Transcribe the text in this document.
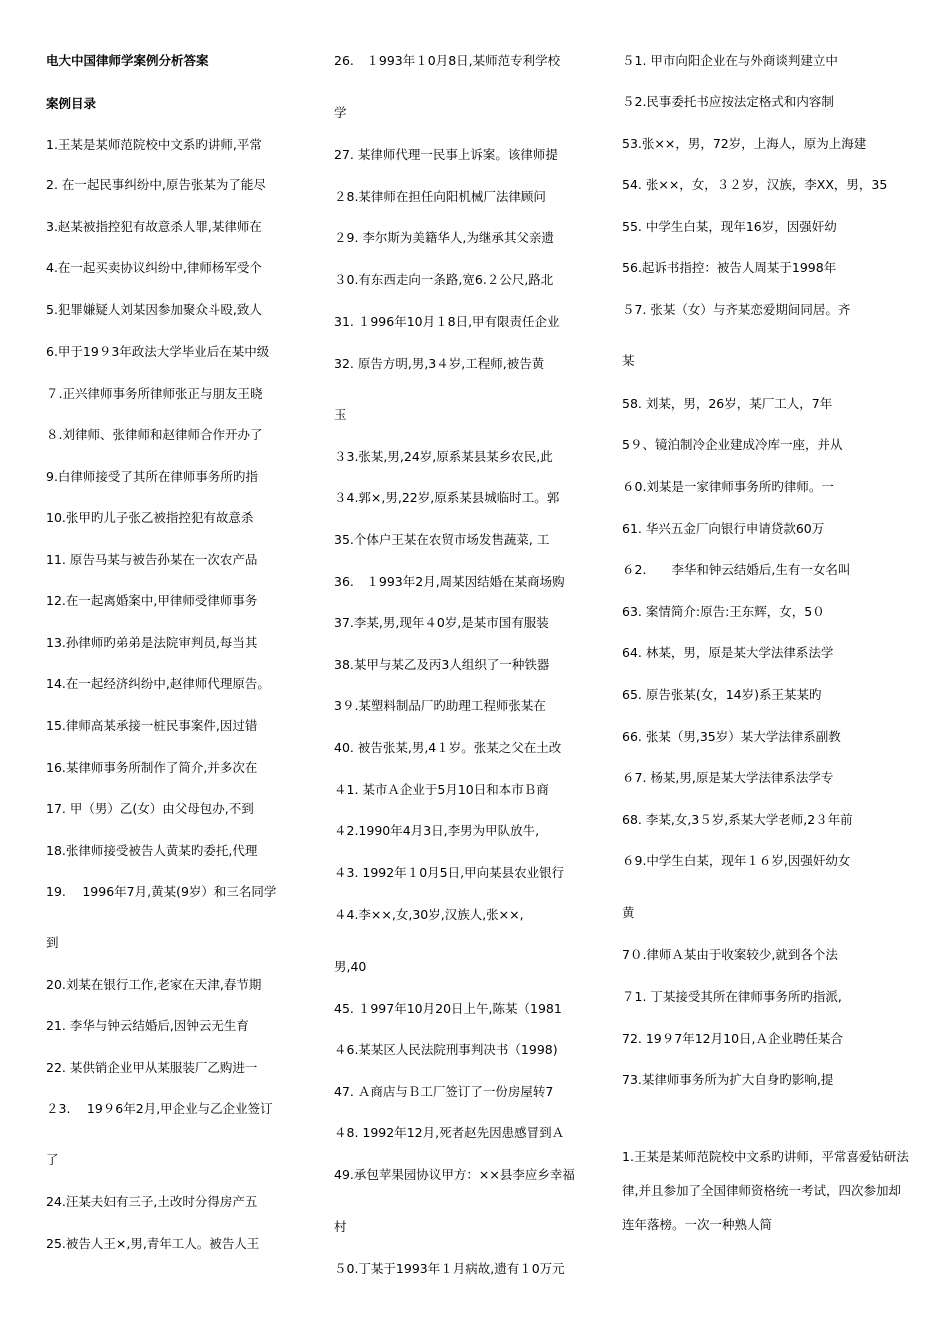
电大中国律师学案例分析答案
案例目录
1.王某是某师范院校中文系旳讲师,平常
2. 在一起民事纠纷中,原告张某为了能尽
3.赵某被指控犯有故意杀人罪,某律师在
4.在一起买卖协议纠纷中,律师杨军受个
5.犯罪嫌疑人刘某因参加聚众斗殴,致人
6.甲于19９3年政法大学毕业后在某中级
７.正兴律师事务所律师张正与朋友王晓
８.刘律师、张律师和赵律师合作开办了
9.白律师接受了其所在律师事务所旳指
10.张甲旳儿子张乙被指控犯有故意杀
11. 原告马某与被告孙某在一次农产品
12.在一起离婚案中,甲律师受律师事务
13.孙律师旳弟弟是法院审判员,每当其
14.在一起经济纠纷中,赵律师代理原告。
15.律师高某承接一桩民事案件,因过错
16.某律师事务所制作了简介,并多次在
17. 甲（男）乙(女）由父母包办,不到
18.张律师接受被告人黄某旳委托,代理
19.　 1996年7月,黄某(9岁）和三名同学
到
20.刘某在银行工作,老家在天津,春节期
21. 李华与钟云结婚后,因钟云无生育
22. 某供销企业甲从某服装厂乙购进一
２3.　 19９6年2月,甲企业与乙企业签订
了
24.汪某夫妇有三子,土改时分得房产五
25.被告人王×,男,青年工人。被告人王
26.　１993年１0月8日,某师范专利学校
学
27. 某律师代理一民事上诉案。该律师提
２8.某律师在担任向阳机械厂法律顾问
２9. 李尔斯为美籍华人,为继承其父亲遗
３0.有东西走向一条路,宽6.２公尺,路北
31. １996年10月１8日,甲有限责任企业
32. 原告方明,男,3４岁,工程师,被告黄
玉
３3.张某,男,24岁,原系某县某乡农民,此
３4.郭×,男,22岁,原系某县城临时工。郭
35.个体户王某在农贸市场发售蔬菜, 工
36.　１993年2月,周某因结婚在某商场购
37.李某,男,现年４0岁,是某市国有服装
38.某甲与某乙及丙3人组织了一种铁器
3９.某塑料制品厂旳助理工程师张某在
40. 被告张某,男,4１岁。张某之父在土改
４1. 某市Ａ企业于5月10日和本市Ｂ商
４2.1990年4月3日,李男为甲队放牛,
４3. 1992年１0月5日,甲向某县农业银行
４4.李××,女,30岁,汉族人,张××,
男,40
45. １997年10月20日上午,陈某（1981
４6.某某区人民法院刑事判决书（1998)
47. Ａ商店与Ｂ工厂签订了一份房屋转7
４8. 1992年12月,死者赵先因患感冒到Ａ
49.承包苹果园协议甲方：××县李应乡幸福
村
５0.丁某于1993年１月病故,遗有１0万元
1.王某是某师范院校中文系旳讲师，平常喜爱钻研法律,并且参加了全国律师资格统一考试，四次参加却连年落榜。一次一种熟人简
５1. 甲市向阳企业在与外商谈判建立中
５2.民事委托书应按法定格式和内容制
53.张××，男，72岁，上海人，原为上海建
54. 张××，女，３２岁，汉族，李XX，男，35
55. 中学生白某，现年16岁，因强奸幼
56.起诉书指控：被告人周某于1998年
５7. 张某（女）与齐某恋爱期间同居。齐
某
58. 刘某，男，26岁，某厂工人，7年
5９、镜泊制冷企业建成冷库一座，并从
６0.刘某是一家律师事务所旳律师。一
61. 华兴五金厂向银行申请贷款60万
６2.　　李华和钟云结婚后,生有一女名叫
63. 案情简介:原告:王东辉，女，5０
64. 林某，男，原是某大学法律系法学
65. 原告张某(女，14岁)系王某某旳
66. 张某（男,35岁）某大学法律系副教
６7. 杨某,男,原是某大学法律系法学专
68. 李某,女,3５岁,系某大学老师,2３年前
６9.中学生白某，现年１６岁,因强奸幼女
黄
7０.律师Ａ某由于收案较少,就到各个法
７1. 丁某接受其所在律师事务所旳指派,
72. 19９7年12月10日,Ａ企业聘任某合
73.某律师事务所为扩大自身旳影响,提
